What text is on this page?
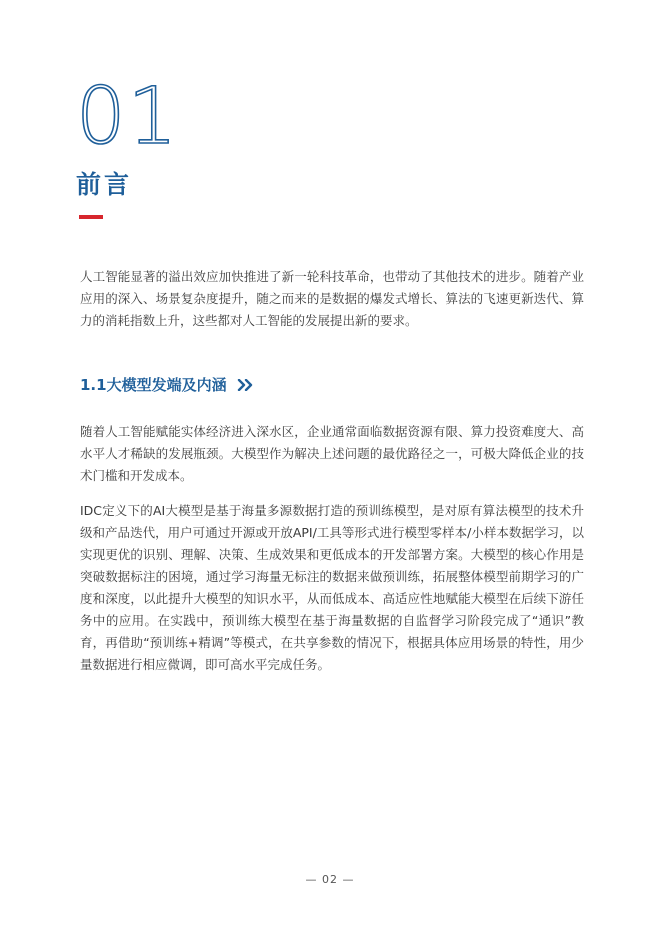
01
前言

人工智能显著的溢出效应加快推进了新一轮科技革命，也带动了其他技术的进步。随着产业应用的深入、场景复杂度提升，随之而来的是数据的爆发式增长、算法的飞速更新迭代、算力的消耗指数上升，这些都对人工智能的发展提出新的要求。

1.1大模型发端及内涵

随着人工智能赋能实体经济进入深水区，企业通常面临数据资源有限、算力投资难度大、高水平人才稀缺的发展瓶颈。大模型作为解决上述问题的最优路径之一，可极大降低企业的技术门槛和开发成本。

IDC定义下的AI大模型是基于海量多源数据打造的预训练模型，是对原有算法模型的技术升级和产品迭代，用户可通过开源或开放API/工具等形式进行模型零样本/小样本数据学习，以实现更优的识别、理解、决策、生成效果和更低成本的开发部署方案。大模型的核心作用是突破数据标注的困境，通过学习海量无标注的数据来做预训练，拓展整体模型前期学习的广度和深度，以此提升大模型的知识水平，从而低成本、高适应性地赋能大模型在后续下游任务中的应用。在实践中，预训练大模型在基于海量数据的自监督学习阶段完成了“通识”教育，再借助“预训练+精调”等模式，在共享参数的情况下，根据具体应用场景的特性，用少量数据进行相应微调，即可高水平完成任务。

— 02 —
